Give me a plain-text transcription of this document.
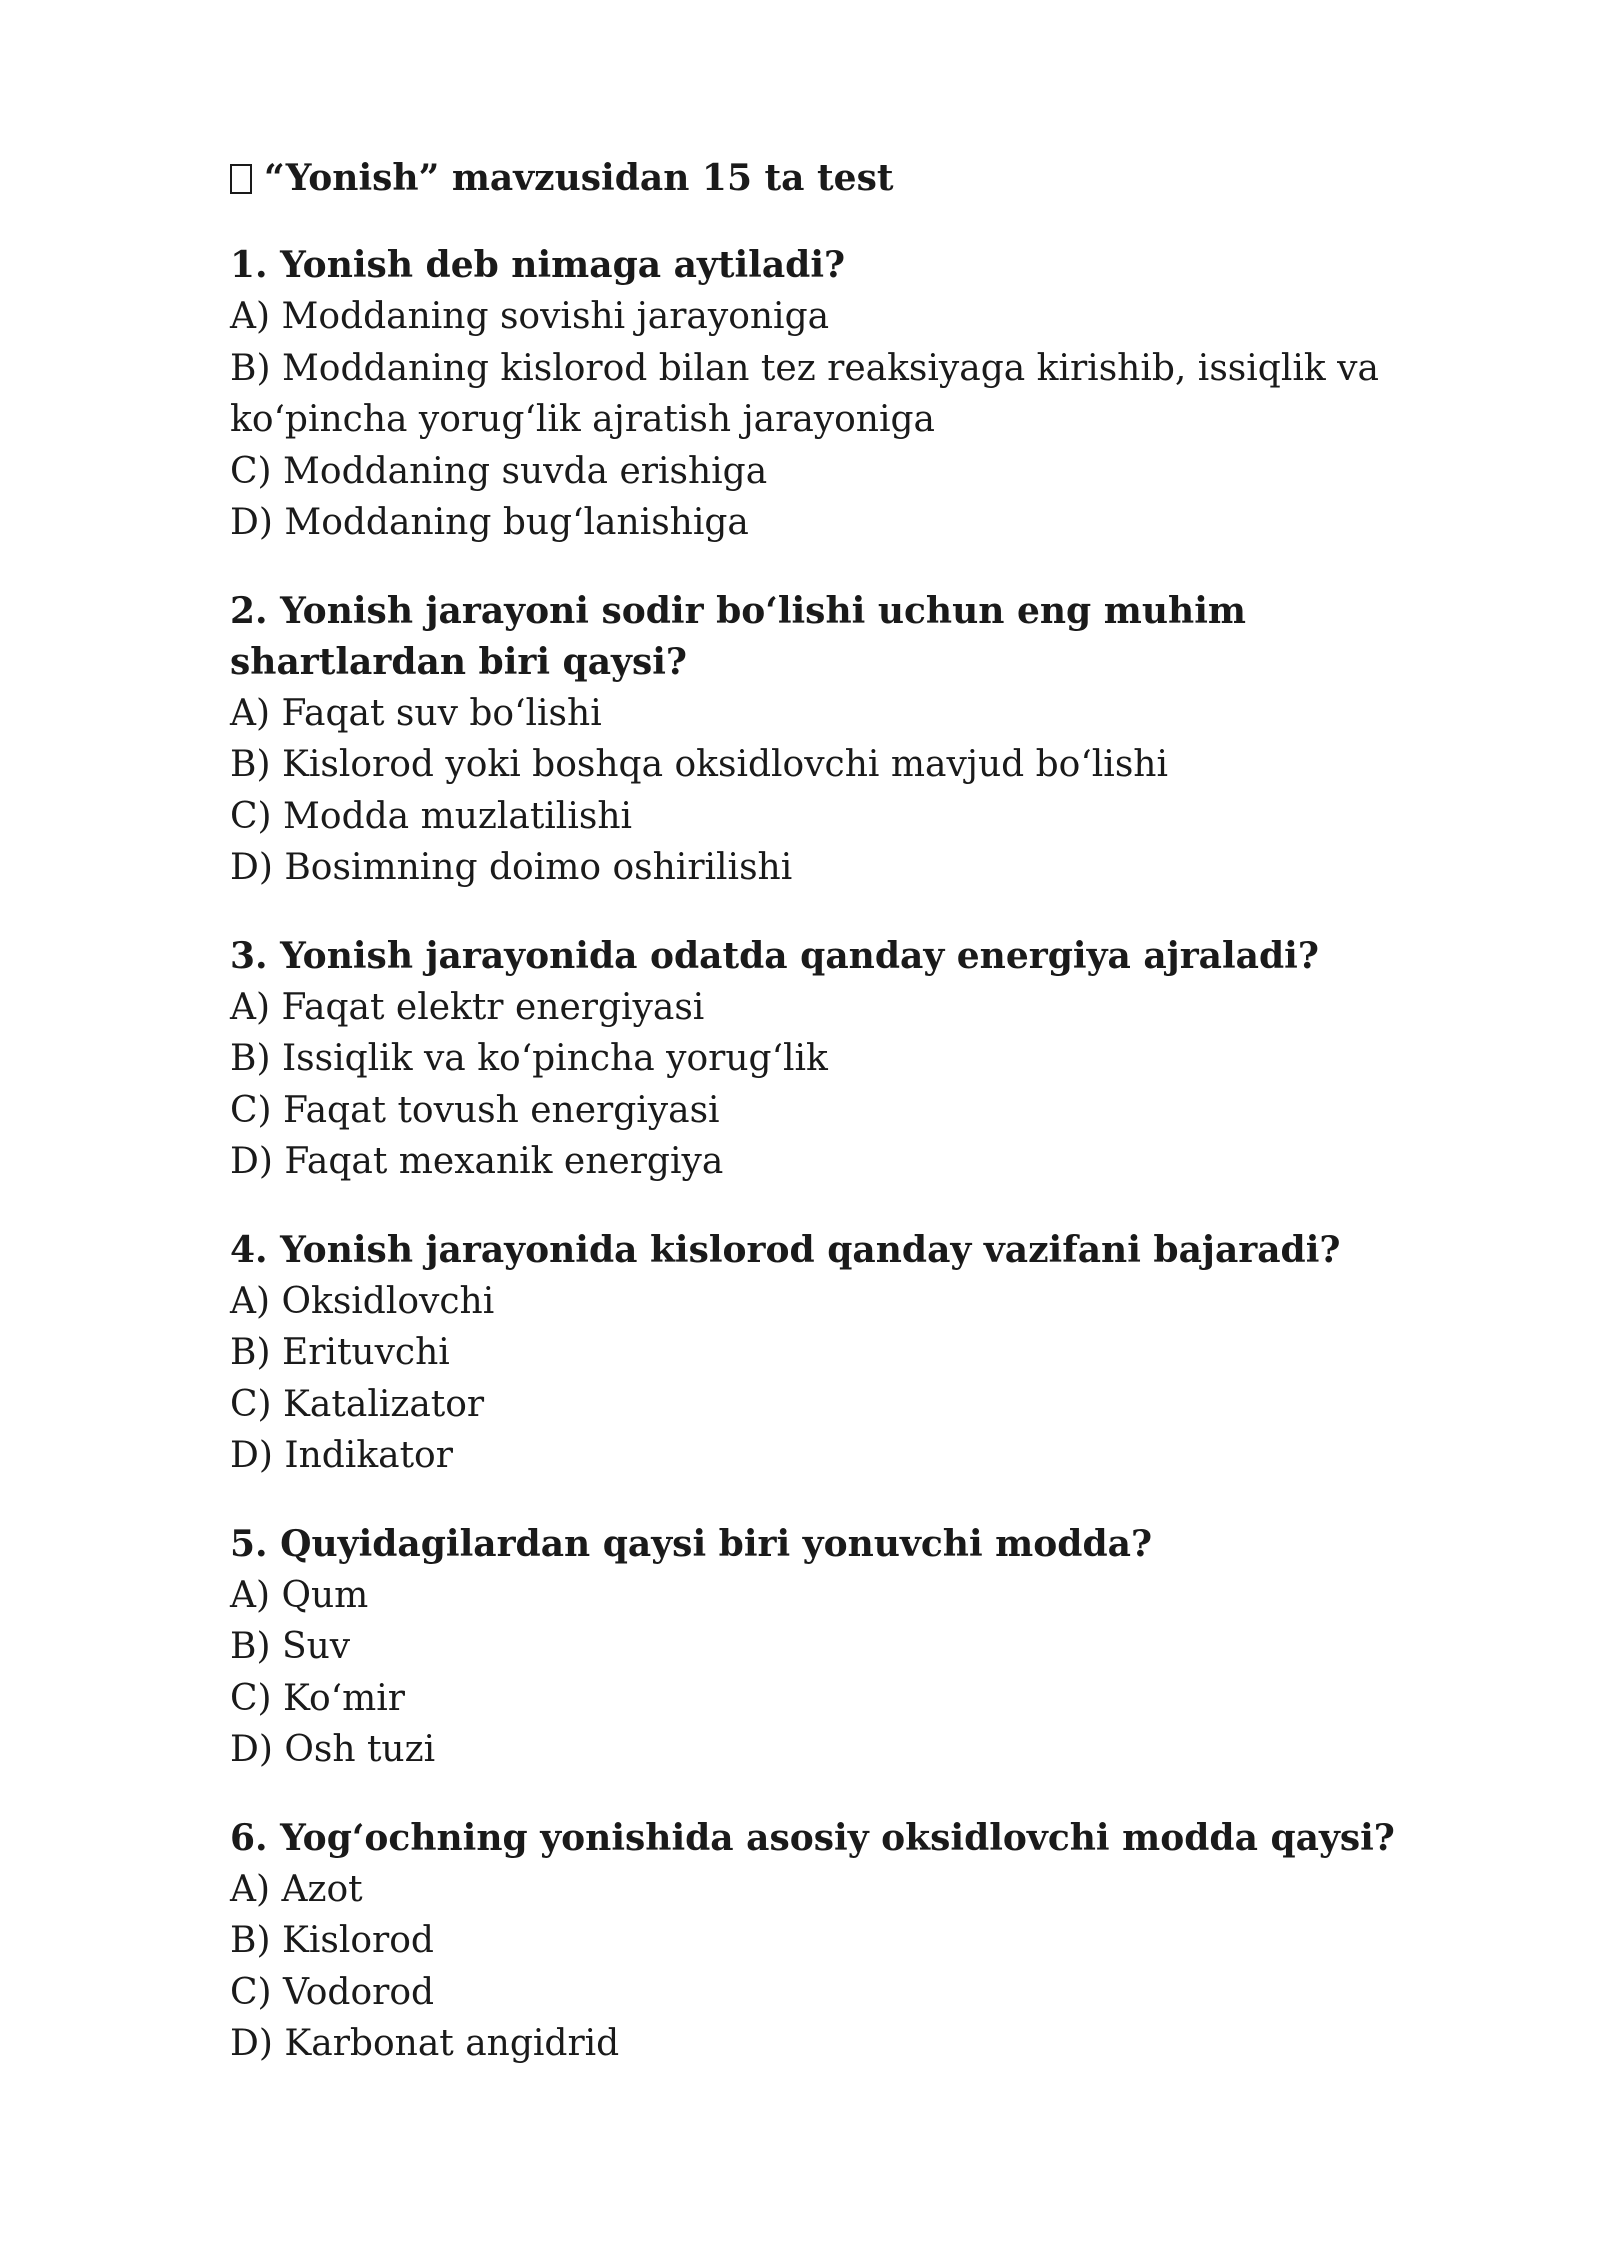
“Yonish” mavzusidan 15 ta test

1. Yonish deb nimaga aytiladi?

A) Moddaning sovishi jarayoniga

B) Moddaning kislorod bilan tez reaksiyaga kirishib, issiqlik va ko‘pincha yorug‘lik ajratish jarayoniga

C) Moddaning suvda erishiga

D) Moddaning bug‘lanishiga

2. Yonish jarayoni sodir bo‘lishi uchun eng muhim shartlardan biri qaysi?

A) Faqat suv bo‘lishi

B) Kislorod yoki boshqa oksidlovchi mavjud bo‘lishi

C) Modda muzlatilishi

D) Bosimning doimo oshirilishi

3. Yonish jarayonida odatda qanday energiya ajraladi?

A) Faqat elektr energiyasi

B) Issiqlik va ko‘pincha yorug‘lik

C) Faqat tovush energiyasi

D) Faqat mexanik energiya

4. Yonish jarayonida kislorod qanday vazifani bajaradi?

A) Oksidlovchi

B) Erituvchi

C) Katalizator

D) Indikator

5. Quyidagilardan qaysi biri yonuvchi modda?

A) Qum

B) Suv

C) Ko‘mir

D) Osh tuzi

6. Yog‘ochning yonishida asosiy oksidlovchi modda qaysi?

A) Azot

B) Kislorod

C) Vodorod

D) Karbonat angidrid
